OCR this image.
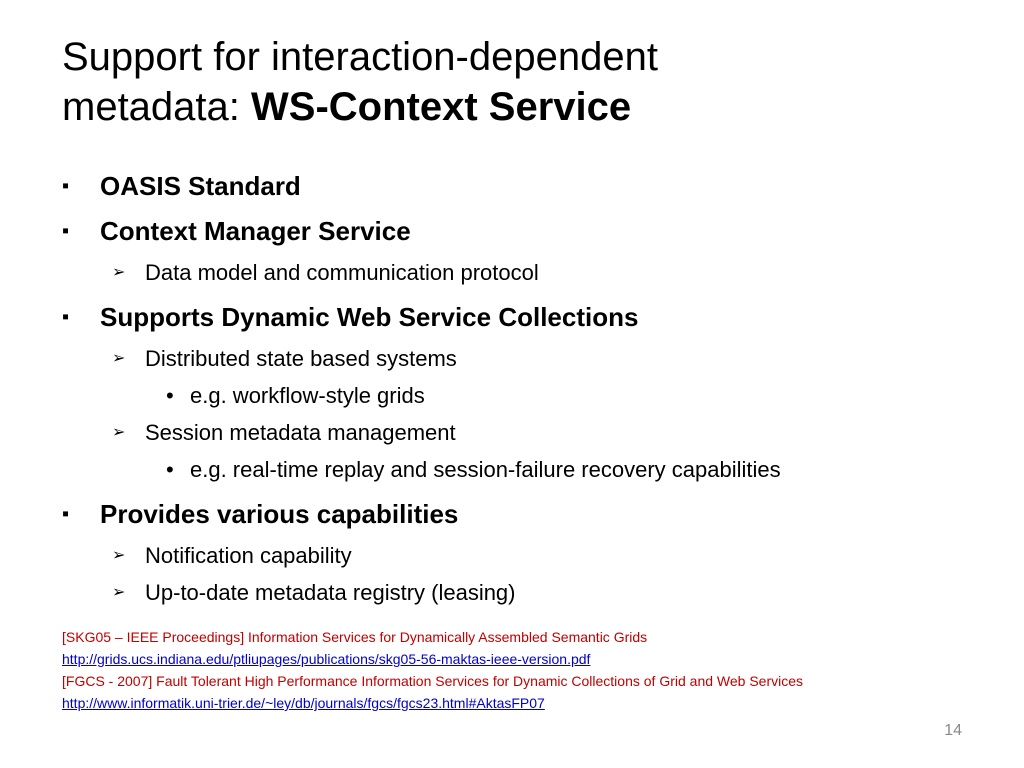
Support for interaction-dependent
metadata: WS-Context Service
▪ OASIS Standard
▪ Context Manager Service
➢ Data model and communication protocol
▪ Supports Dynamic Web Service Collections
➢ Distributed state based systems
• e.g. workflow-style grids
➢ Session metadata management
• e.g. real-time replay and session-failure recovery capabilities
▪ Provides various capabilities
➢ Notification capability
➢ Up-to-date metadata registry (leasing)
[SKG05 – IEEE Proceedings] Information Services for Dynamically Assembled Semantic Grids
http://grids.ucs.indiana.edu/ptliupages/publications/skg05-56-maktas-ieee-version.pdf
[FGCS - 2007] Fault Tolerant High Performance Information Services for Dynamic Collections of Grid and Web Services
http://www.informatik.uni-trier.de/~ley/db/journals/fgcs/fgcs23.html#AktasFP07
14
